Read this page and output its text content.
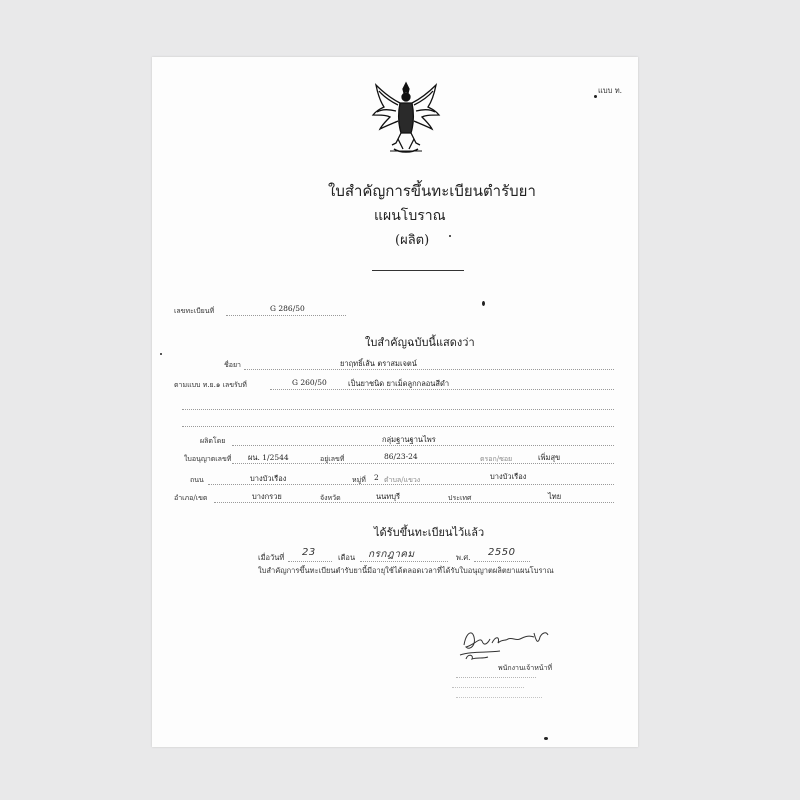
แบบ ท.
ใบสำคัญการขึ้นทะเบียนตำรับยา
แผนโบราณ
(ผลิต)
เลขทะเบียนที่	G 286/50
ใบสำคัญฉบับนี้แสดงว่า
ชื่อยา	ยาฤทธิ์เส้น ตราสมเจตน์
ตามแบบ ท.ย.๑ เลขรับที่	G 260/50	เป็นยาชนิด ยาเม็ดลูกกลอนสีดำ
ผลิตโดย	กลุ่มฐานฐานไพร
ใบอนุญาตเลขที่ ผน. 1/2544	อยู่เลขที่	86/23-24	ตรอก/ซอย	เพิ่มสุข
ถนน	บางบัวเรือง	หมู่ที่ 2 ตำบล/แขวง	บางบัวเรือง
อำเภอ/เขต	บางกรวย	จังหวัด	นนทบุรี	ประเทศ	ไทย
ได้รับขึ้นทะเบียนไว้แล้ว
เมื่อวันที่ 23	เดือน กรกฎาคม	พ.ศ. 2550
ใบสำคัญการขึ้นทะเบียนตำรับยานี้มีอายุใช้ได้ตลอดเวลาที่ได้รับใบอนุญาตผลิตยาแผนโบราณ
พนักงานเจ้าหน้าที่
